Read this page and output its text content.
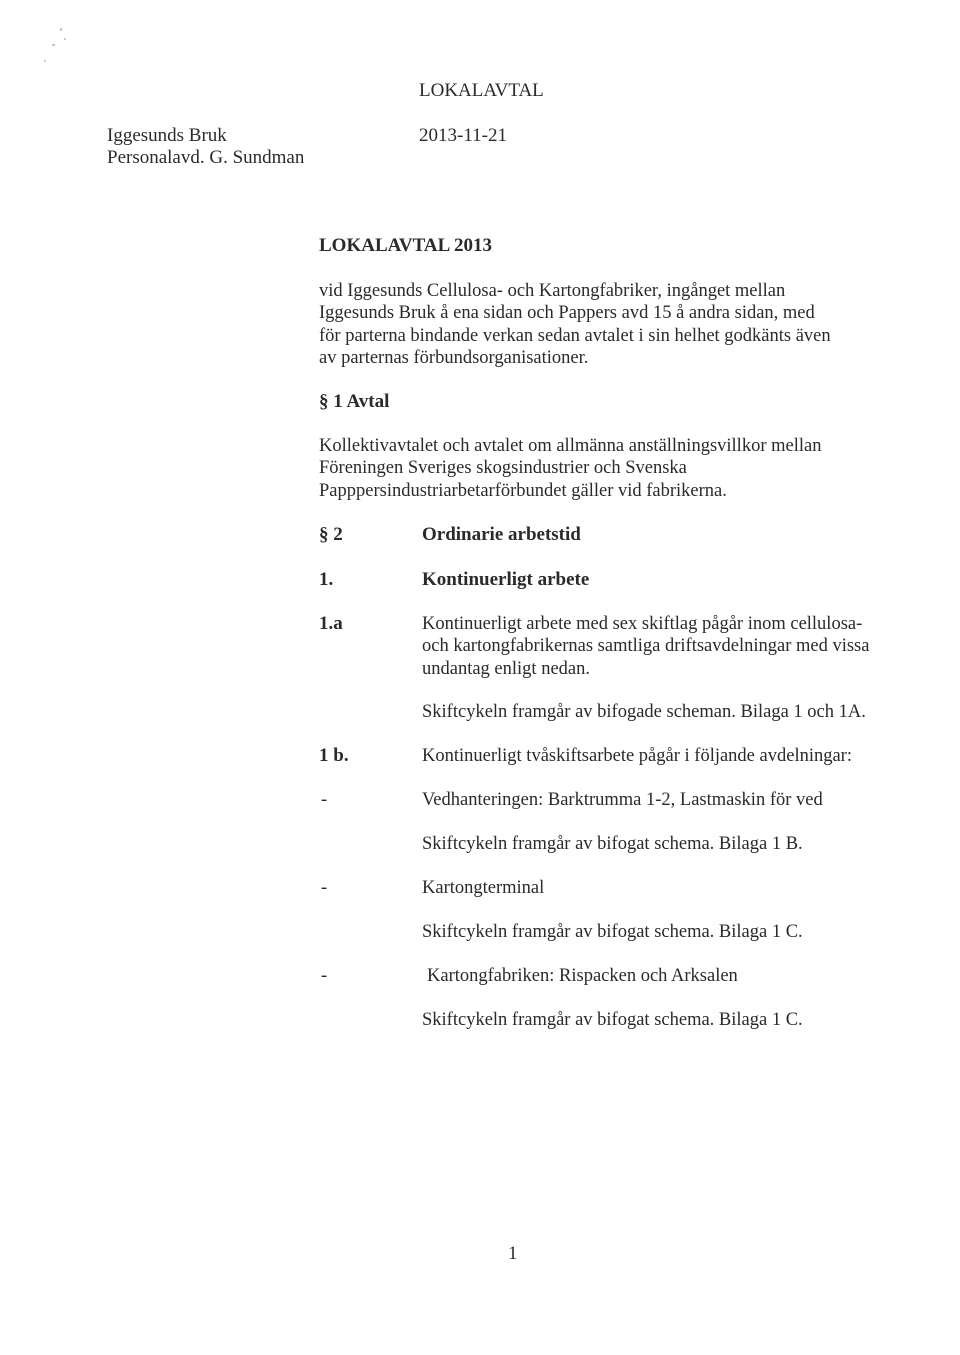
LOKALAVTAL
Iggesunds Bruk
Personalavd. G. Sundman
2013-11-21
LOKALAVTAL 2013
vid Iggesunds Cellulosa- och Kartongfabriker, ingånget mellan
Iggesunds Bruk å ena sidan och Pappers avd 15 å andra sidan, med
för parterna bindande verkan sedan avtalet i sin helhet godkänts även
av parternas förbundsorganisationer.
§ 1 Avtal
Kollektivavtalet och avtalet om allmänna anställningsvillkor mellan
Föreningen Sveriges skogsindustrier och Svenska
Papppersindustriarbetarförbundet gäller vid fabrikerna.
§ 2	Ordinarie arbetstid
1.	Kontinuerligt arbete
1.a	Kontinuerligt arbete med sex skiftlag pågår inom cellulosa-
och kartongfabrikernas samtliga driftsavdelningar med vissa
undantag enligt nedan.
Skiftcykeln framgår av bifogade scheman. Bilaga 1 och 1A.
1 b.	Kontinuerligt tvåskiftsarbete pågår i följande avdelningar:
-	Vedhanteringen: Barktrumma 1-2, Lastmaskin för ved
Skiftcykeln framgår av bifogat schema. Bilaga 1 B.
-	Kartongterminal
Skiftcykeln framgår av bifogat schema. Bilaga 1 C.
-	Kartongfabriken: Rispacken och Arksalen
Skiftcykeln framgår av bifogat schema. Bilaga 1 C.
1
